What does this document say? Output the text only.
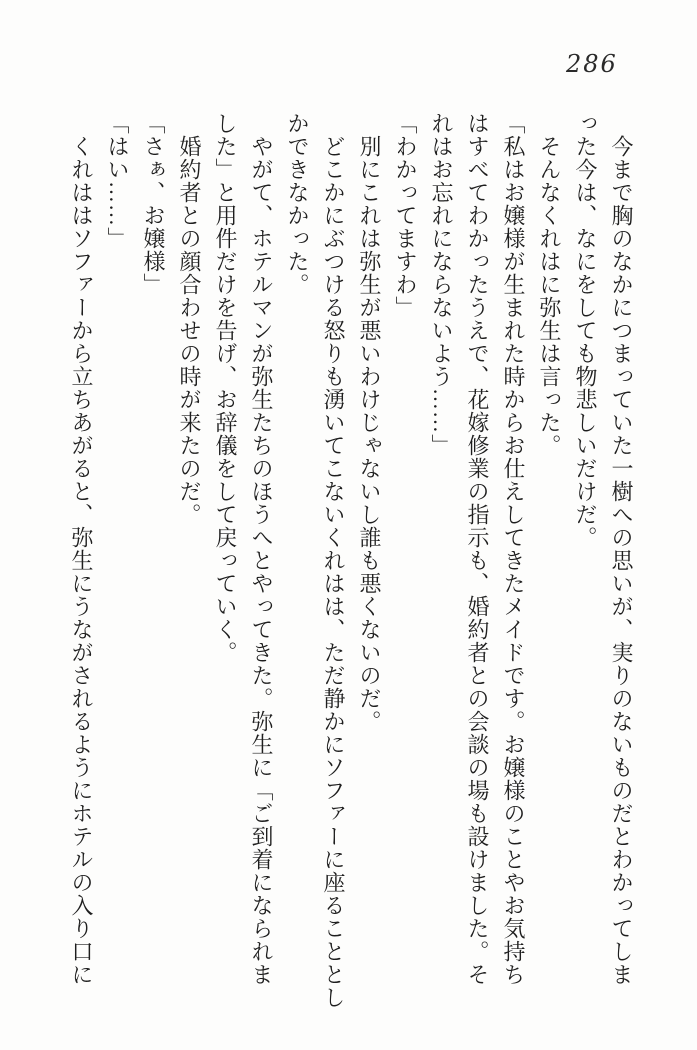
286

　今まで胸のなかにつまっていた一樹への思いが、実りのないものだとわかってしま

った今は、なにをしても物悲しいだけだ。

　そんなくれはに弥生は言った。

「私はお嬢様が生まれた時からお仕えしてきたメイドです。お嬢様のことやお気持ち

はすべてわかったうえで、花嫁修業の指示も、婚約者との会談の場も設けました。そ

れはお忘れにならないよう……」

「わかってますわ」

　別にこれは弥生が悪いわけじゃないし誰も悪くないのだ。

　どこかにぶつける怒りも湧いてこないくれはは、ただ静かにソファーに座ることとし

かできなかった。

　やがて、ホテルマンが弥生たちのほうへとやってきた。弥生に「ご到着になられま

した」と用件だけを告げ、お辞儀をして戻っていく。

　婚約者との顔合わせの時が来たのだ。

「さぁ、お嬢様」

「はい……」

　くれははソファーから立ちあがると、弥生にうながされるようにホテルの入り口に
